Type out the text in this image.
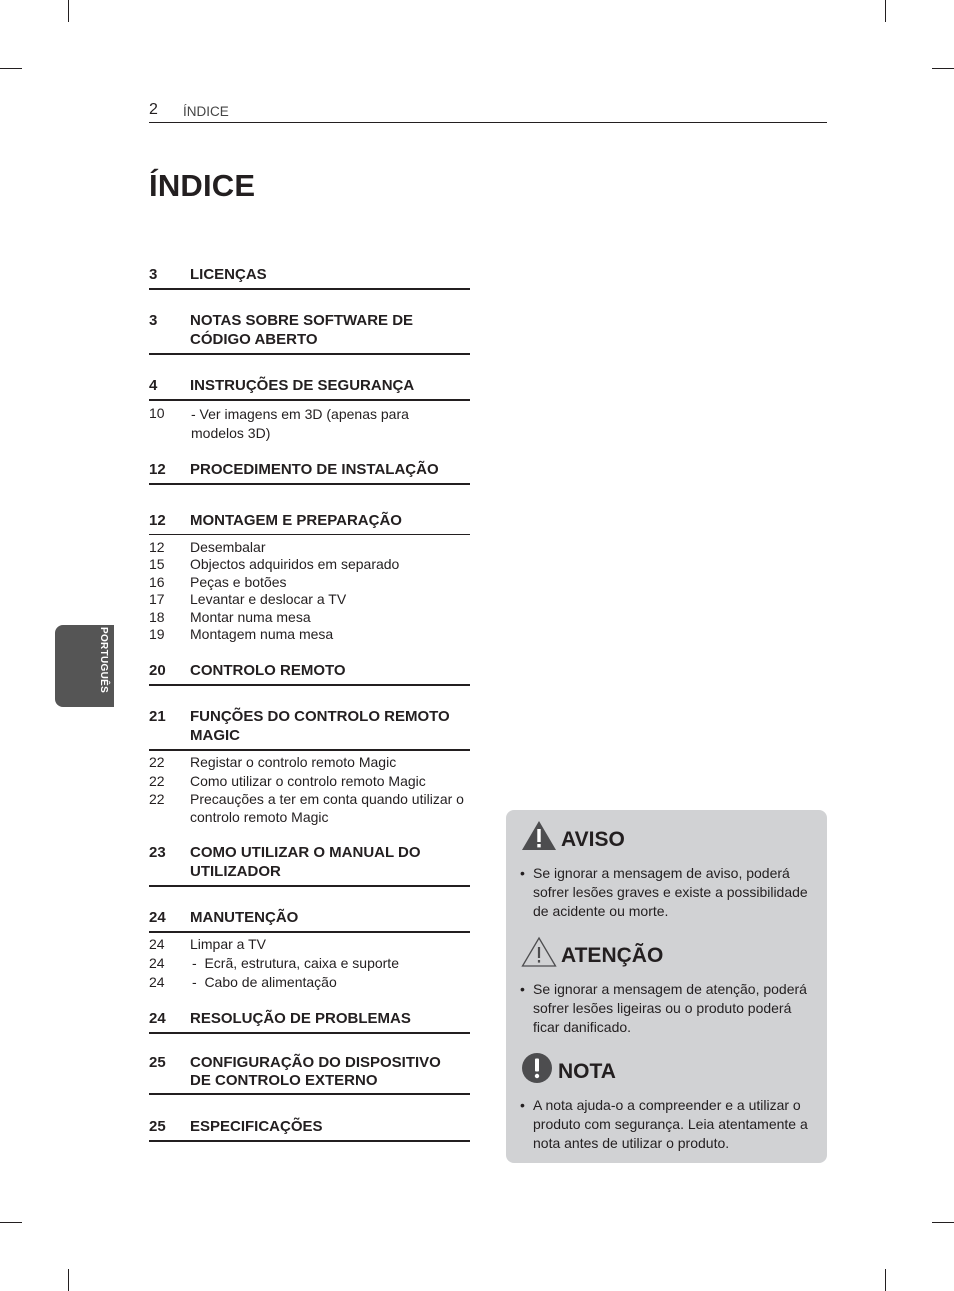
2 ÍNDICE
ÍNDICE
PORTUGUÊS
3 LICENÇAS
3 NOTAS SOBRE SOFTWARE DE CÓDIGO ABERTO
4 INSTRUÇÕES DE SEGURANÇA
10 - Ver imagens em 3D (apenas para modelos 3D)
12 PROCEDIMENTO DE INSTALAÇÃO
12 MONTAGEM E PREPARAÇÃO
12 Desembalar
15 Objectos adquiridos em separado
16 Peças e botões
17 Levantar e deslocar a TV
18 Montar numa mesa
19 Montagem numa mesa
20 CONTROLO REMOTO
21 FUNÇÕES DO CONTROLO REMOTO MAGIC
22 Registar o controlo remoto Magic
22 Como utilizar o controlo remoto Magic
22 Precauções a ter em conta quando utilizar o controlo remoto Magic
23 COMO UTILIZAR O MANUAL DO UTILIZADOR
24 MANUTENÇÃO
24 Limpar a TV
24 -  Ecrã, estrutura, caixa e suporte
24 -  Cabo de alimentação
24 RESOLUÇÃO DE PROBLEMAS
25 CONFIGURAÇÃO DO DISPOSITIVO DE CONTROLO EXTERNO
25 ESPECIFICAÇÕES
AVISO
• Se ignorar a mensagem de aviso, poderá sofrer lesões graves e existe a possibilidade de acidente ou morte.
ATENÇÃO
• Se ignorar a mensagem de atenção, poderá sofrer lesões ligeiras ou o produto poderá ficar danificado.
NOTA
• A nota ajuda-o a compreender e a utilizar o produto com segurança. Leia atentamente a nota antes de utilizar o produto.
